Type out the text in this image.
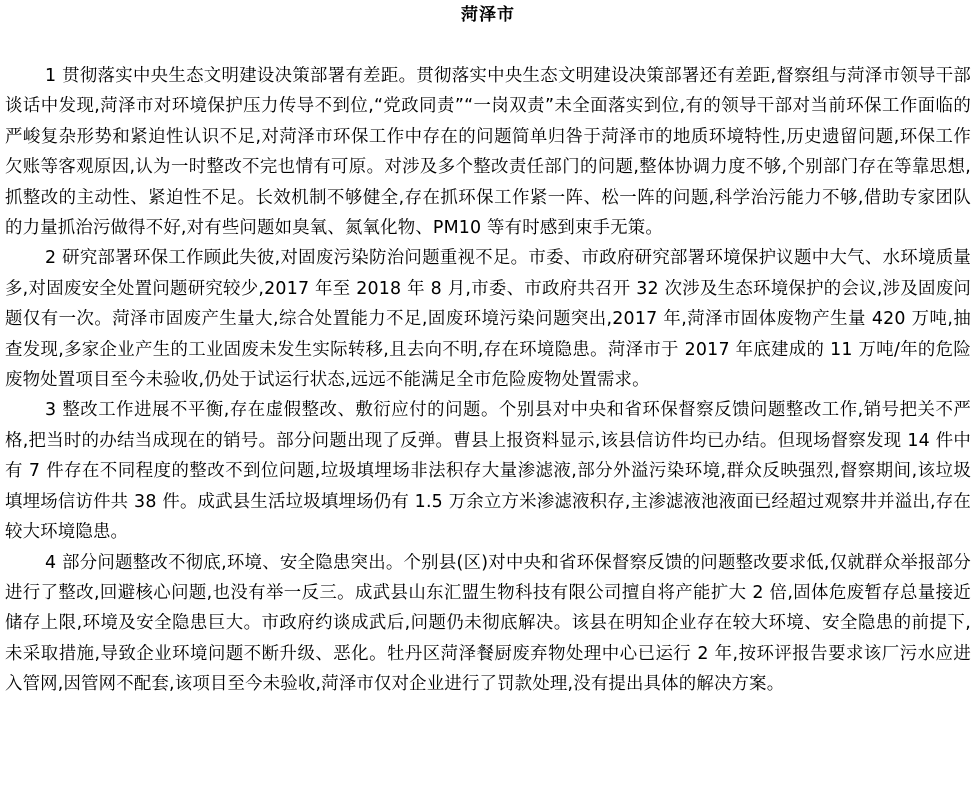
菏泽市

1 贯彻落实中央生态文明建设决策部署有差距。贯彻落实中央生态文明建设决策部署还有差距,督察组与菏泽市领导干部谈话中发现,菏泽市对环境保护压力传导不到位,“党政同责”“一岗双责”未全面落实到位,有的领导干部对当前环保工作面临的严峻复杂形势和紧迫性认识不足,对菏泽市环保工作中存在的问题简单归咎于菏泽市的地质环境特性,历史遗留问题,环保工作欠账等客观原因,认为一时整改不完也情有可原。对涉及多个整改责任部门的问题,整体协调力度不够,个别部门存在等靠思想,抓整改的主动性、紧迫性不足。长效机制不够健全,存在抓环保工作紧一阵、松一阵的问题,科学治污能力不够,借助专家团队的力量抓治污做得不好,对有些问题如臭氧、氮氧化物、PM10 等有时感到束手无策。

2 研究部署环保工作顾此失彼,对固废污染防治问题重视不足。市委、市政府研究部署环境保护议题中大气、水环境质量多,对固废安全处置问题研究较少,2017 年至 2018 年 8 月,市委、市政府共召开 32 次涉及生态环境保护的会议,涉及固废问题仅有一次。菏泽市固废产生量大,综合处置能力不足,固废环境污染问题突出,2017 年,菏泽市固体废物产生量 420 万吨,抽查发现,多家企业产生的工业固废未发生实际转移,且去向不明,存在环境隐患。菏泽市于 2017 年底建成的 11 万吨/年的危险废物处置项目至今未验收,仍处于试运行状态,远远不能满足全市危险废物处置需求。

3 整改工作进展不平衡,存在虚假整改、敷衍应付的问题。个别县对中央和省环保督察反馈问题整改工作,销号把关不严格,把当时的办结当成现在的销号。部分问题出现了反弹。曹县上报资料显示,该县信访件均已办结。但现场督察发现 14 件中有 7 件存在不同程度的整改不到位问题,垃圾填埋场非法积存大量渗滤液,部分外溢污染环境,群众反映强烈,督察期间,该垃圾填埋场信访件共 38 件。成武县生活垃圾填埋场仍有 1.5 万余立方米渗滤液积存,主渗滤液池液面已经超过观察井并溢出,存在较大环境隐患。

4 部分问题整改不彻底,环境、安全隐患突出。个别县(区)对中央和省环保督察反馈的问题整改要求低,仅就群众举报部分进行了整改,回避核心问题,也没有举一反三。成武县山东汇盟生物科技有限公司擅自将产能扩大 2 倍,固体危废暂存总量接近储存上限,环境及安全隐患巨大。市政府约谈成武后,问题仍未彻底解决。该县在明知企业存在较大环境、安全隐患的前提下,未采取措施,导致企业环境问题不断升级、恶化。牡丹区菏泽餐厨废弃物处理中心已运行 2 年,按环评报告要求该厂污水应进入管网,因管网不配套,该项目至今未验收,菏泽市仅对企业进行了罚款处理,没有提出具体的解决方案。
